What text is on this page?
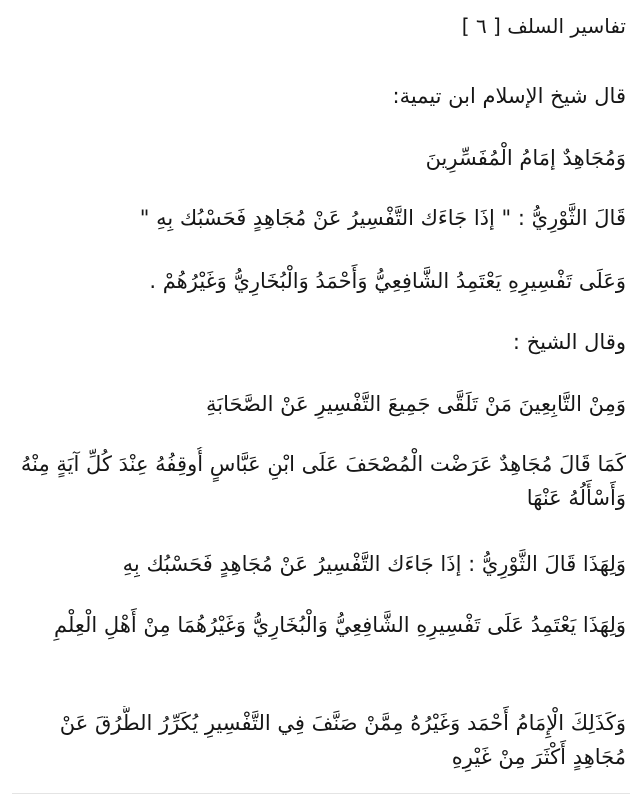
تفاسير السلف [ ٦ ]
قال شيخ الإسلام ابن تيمية:
وَمُجَاهِدٌ إمَامُ الْمُفَسِّرِينَ
قَالَ الثَّوْرِيُّ : " إذَا جَاءَك التَّفْسِيرُ عَنْ مُجَاهِدٍ فَحَسْبُك بِهِ "
وَعَلَى تَفْسِيرِهِ يَعْتَمِدُ الشَّافِعِيُّ وَأَحْمَدُ وَالْبُخَارِيُّ وَغَيْرُهُمْ .
وقال الشيخ :
وَمِنْ التَّابِعِينَ مَنْ تَلَقَّى جَمِيعَ التَّفْسِيرِ عَنْ الصَّحَابَةِ
كَمَا قَالَ مُجَاهِدٌ عَرَضْت الْمُصْحَفَ عَلَى ابْنِ عَبَّاسٍ أُوقِفُهُ عِنْدَ كُلِّ آيَةٍ مِنْهُ وَأَسْأَلُهُ عَنْهَا
وَلِهَذَا قَالَ الثَّوْرِيُّ : إذَا جَاءَك التَّفْسِيرُ عَنْ مُجَاهِدٍ فَحَسْبُك بِهِ
وَلِهَذَا يَعْتَمِدُ عَلَى تَفْسِيرِهِ الشَّافِعِيُّ وَالْبُخَارِيُّ وَغَيْرُهُمَا مِنْ أَهْلِ الْعِلْمِ
وَكَذَلِكَ الْإِمَامُ أَحْمَد وَغَيْرُهُ مِمَّنْ صَنَّفَ فِي التَّفْسِيرِ يُكَرِّرُ الطُّرُقَ عَنْ مُجَاهِدٍ أَكْثَرَ مِنْ غَيْرِهِ
